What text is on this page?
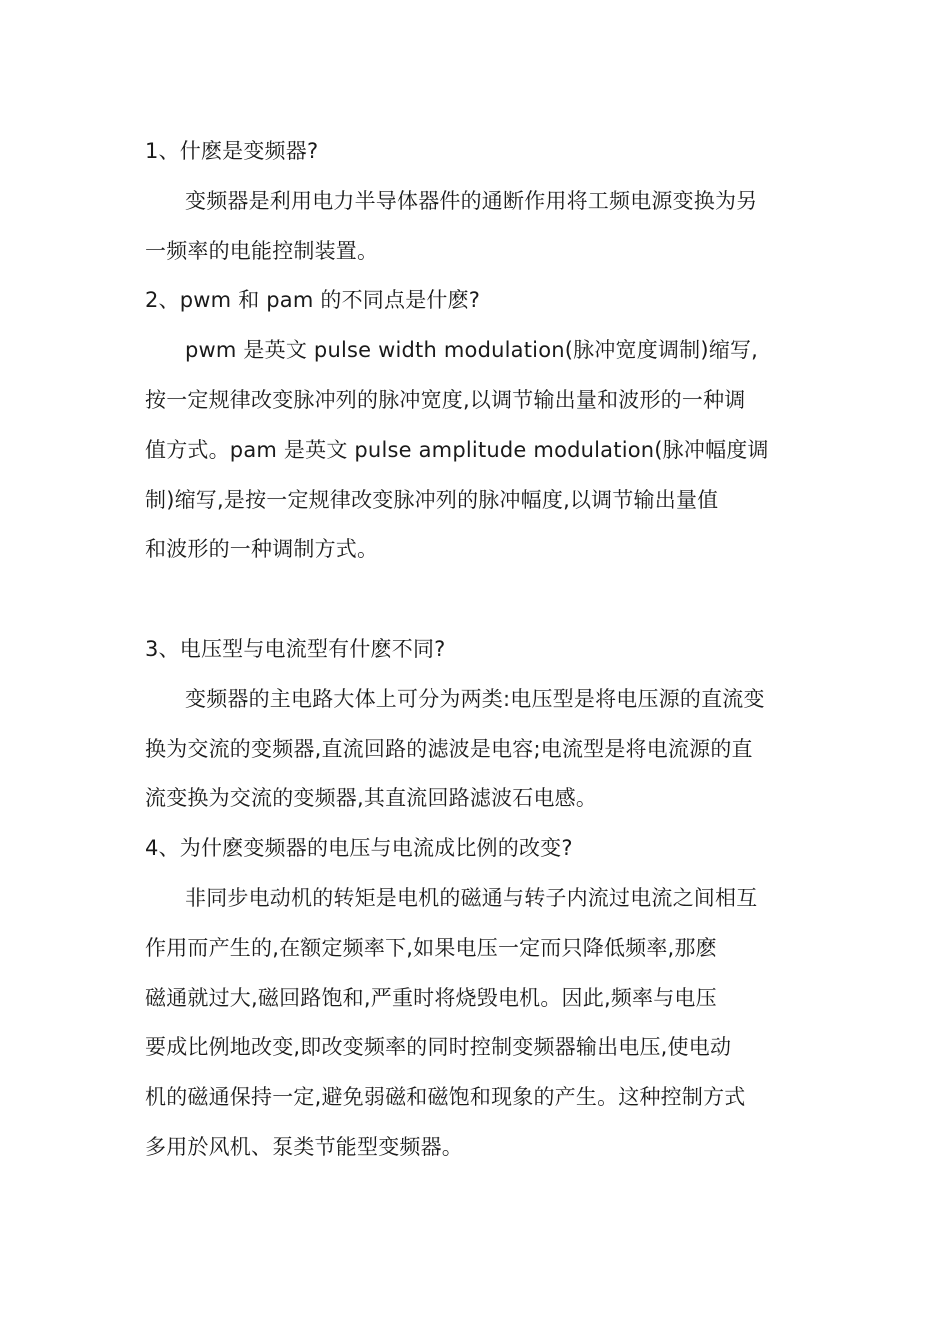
1、什麽是变频器?
变频器是利用电力半导体器件的通断作用将工频电源变换为另
一频率的电能控制装置。
2、pwm 和 pam 的不同点是什麽?
pwm 是英文 pulse width modulation(脉冲宽度调制)缩写,
按一定规律改变脉冲列的脉冲宽度,以调节输出量和波形的一种调
值方式。pam 是英文 pulse amplitude modulation(脉冲幅度调
制)缩写,是按一定规律改变脉冲列的脉冲幅度,以调节输出量值
和波形的一种调制方式。
3、电压型与电流型有什麽不同?
变频器的主电路大体上可分为两类:电压型是将电压源的直流变
换为交流的变频器,直流回路的滤波是电容;电流型是将电流源的直
流变换为交流的变频器,其直流回路滤波石电感。
4、为什麽变频器的电压与电流成比例的改变?
非同步电动机的转矩是电机的磁通与转子内流过电流之间相互
作用而产生的,在额定频率下,如果电压一定而只降低频率,那麽
磁通就过大,磁回路饱和,严重时将烧毁电机。因此,频率与电压
要成比例地改变,即改变频率的同时控制变频器输出电压,使电动
机的磁通保持一定,避免弱磁和磁饱和现象的产生。这种控制方式
多用於风机、泵类节能型变频器。
